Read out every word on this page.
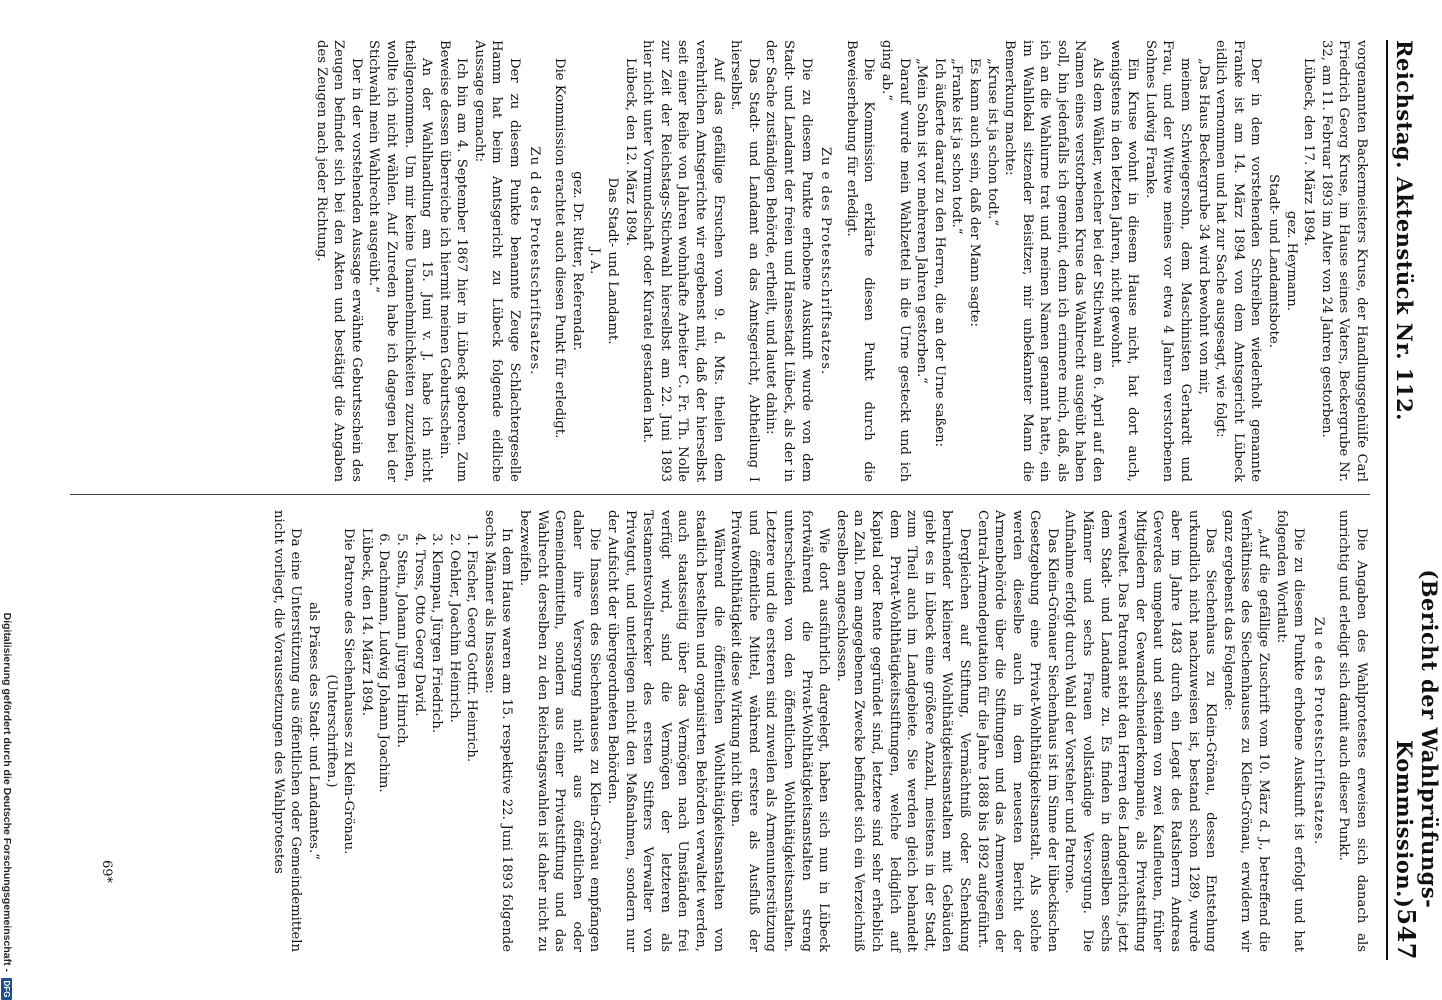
Reichstag. Aktenstück Nr. 112.
(Bericht der Wahlprüfungs-Kommission.)
547

vorgenannten Backermeisters Kruse, der Handlungsgehülfe Carl Friedrich Georg Kruse, im Hause seines Vaters, Beckergrube Nr. 32, am 11. Februar 1893 im Alter von 24 Jahren gestorben.

Lübeck, den 17. März 1894.

gez. Heymann.

Stadt- und Landamtsbote.

Der in dem vorstehenden Schreiben wiederholt genannte Franke ist am 14. März 1894 von dem Amtsgericht Lübeck eidlich vernommen und hat zur Sache ausgesagt, wie folgt:

„Das Haus Beckergrube 34 wird bewohnt von mir,

meinem Schwiegersohn, dem Maschinisten Gerhardt und Frau, und der Wittwe meines vor etwa 4 Jahren verstorbenen Sohnes Ludwig Franke.

Ein Kruse wohnt in diesem Hause nicht, hat dort auch, wenigstens in den letzten Jahren, nicht gewohnt.

Als dem Wähler, welcher bei der Stichwahl am 6. April auf den Namen eines verstorbenen Kruse das Wahlrecht ausgeübt haben soll, bin jedenfalls ich gemeint, denn ich erinnere mich, daß, als ich an die Wahlurne trat und meinen Namen genannt hatte, ein im Wahllokal sitzender Beisitzer, mir unbekannter Mann die Bemerkung machte:

„Kruse ist ja schon todt.“

Es kann auch sein, daß der Mann sagte:

„Franke ist ja schon todt.“

Ich äußerte darauf zu den Herren, die an der Urne saßen:

„Mein Sohn ist vor mehreren Jahren gestorben.“

Darauf wurde mein Wahlzettel in die Urne gesteckt und ich ging ab.“

Die Kommission erklärte diesen Punkt durch die Beweiserhebung für erledigt.

Zu e des Protestschriftsatzes.

Die zu diesem Punkte erhobene Auskunft wurde von dem Stadt- und Landamt der freien und Hansestadt Lübeck, als der in der Sache zuständigen Behörde, ertheilt, und lautet dahin:

Das Stadt- und Landamt an das Amtsgericht, Abtheilung I hierselbst.

Auf das gefällige Ersuchen vom 9. d. Mts. theilen dem verehrlichen Amtsgerichte wir ergebenst mit, daß der hierselbst seit einer Reihe von Jahren wohnhafte Arbeiter C. Fr. Th. Nolle zur Zeit der Reichstags-Stichwahl hierselbst am 22. Juni 1893 hier nicht unter Vormundschaft oder Kuratel gestanden hat.

Lübeck, den 12. März 1894.

Das Stadt- und Landamt.

J. A.

gez. Dr. Ritter, Referendar.

Die Kommission erachtet auch diesen Punkt für erledigt.

Zu d des Protestschriftsatzes.

Der zu diesem Punkte benannte Zeuge Schlachtergeselle Hamm hat beim Amtsgericht zu Lübeck folgende eidliche Aussage gemacht:

Ich bin am 4. September 1867 hier in Lübeck geboren. Zum Beweise dessen überreiche ich hiermit meinen Geburtsschein.

An der Wahlhandlung am 15. Juni v. J. habe ich nicht theilgenommen. Um mir keine Unannehmlichkeiten zuzuziehen, wollte ich nicht wählen. Auf Zureden habe ich dagegen bei der Stichwahl mein Wahlrecht ausgeübt.“

Der in der vorstehenden Aussage erwähnte Geburtsschein des Zeugen befindet sich bei den Akten und bestätigt die Angaben des Zeugen nach jeder Richtung.

Die Angaben des Wahlprotestes erweisen sich danach als unrichtig und erledigt sich damit auch dieser Punkt.

Zu e des Protestschriftsatzes.

Die zu diesem Punkte erhobene Auskunft ist erfolgt und hat folgenden Wortlaut:

„Auf die gefällige Zuschrift vom 10. März d. J., betreffend die Verhältnisse des Siechenhauses zu Klein-Grönau, erwidern wir ganz ergebenst das Folgende:

Das Siechenhaus zu Klein-Grönau, dessen Entstehung urkundlich nicht nachzuweisen ist, bestand schon 1289, wurde aber im Jahre 1483 durch ein Legat des Ratsherrn Andreas Geverdes umgebaut und seitdem von zwei Kaufleuten, früher Mitgliedern der Gewandschneiderkompanie, als Privatstiftung verwaltet. Das Patronat steht den Herren des Landgerichts, jetzt dem Stadt- und Landamte zu. Es finden in demselben sechs Männer und sechs Frauen vollständige Versorgung. Die Aufnahme erfolgt durch Wahl der Vorsteher und Patrone.

Das Klein-Grönauer Siechenhaus ist im Sinne der lübeckischen Gesetzgebung eine Privat-Wohlthätigkeitsanstalt. Als solche werden dieselbe auch in dem neuesten Bericht der Armenbehörde über die Stiftungen und das Armenwesen der Central-Armendeputation für die Jahre 1888 bis 1892 aufgeführt.

Dergleichen auf Stiftung, Vermächtniß oder Schenkung beruhender kleinerer Wohlthätigkeitsanstalten mit Gebäuden giebt es in Lübeck eine größere Anzahl, meistens in der Stadt, zum Theil auch im Landgebiete. Sie werden gleich behandelt dem Privat-Wohlthätigkeitsstiftungen, welche lediglich auf Kapital oder Rente gegründet sind, letztere sind sehr erheblich an Zahl. Dem angegebenen Zwecke befindet sich ein Verzeichniß derselben angeschlossen.

Wie dort ausführlich dargelegt, haben sich nun in Lübeck fortwährend die Privat-Wohlthätigkeitsanstalten streng unterscheiden von den öffentlichen Wohlthätigkeitsanstalten. Letztere und die ersteren sind zuweilen als Armenunterstützung und öffentliche Mittel, während erstere als Ausfluß der Privatwohlthätigkeit diese Wirkung nicht üben.

Während die öffentlichen Wohlthätigkeitsanstalten von staatlich bestellten und organisirten Behörden verwaltet werden, auch staatsseitig über das Vermögen nach Umständen frei verfügt wird, sind die Vermögen der letzteren als Testamentsvollstrecker des ersten Stifters Verwalter von Privatgut, und unterliegen nicht den Maßnahmen, sondern nur der Aufsicht der übergeordneten Behörden.

Die Insassen des Siechenhauses zu Klein-Grönau empfangen daher ihre Versorgung nicht aus öffentlichen oder Gemeindemitteln, sondern aus einer Privatstiftung und das Wahlrecht derselben zu den Reichstagswahlen ist daher nicht zu bezweifeln.

In dem Hause waren am 15. respektive 22. Juni 1893 folgende sechs Männer als Insassen:

1. Fischer, Georg Gottfr. Heinrich.
2. Oehler, Joachim Heinrich.
3. Klempau, Jürgen Friedrich.
4. Tross, Otto Georg David.
5. Stein, Johann Jürgen Hinrich.
6. Dachmann, Ludwig Johann Joachim.

Lübeck, den 14. März 1894.

Die Patrone des Siechenhauses zu Klein-Grönau.

(Unterschriften.)

als Präses des Stadt- und Landamtes.“

Da eine Unterstützung aus öffentlichen oder Gemeindemitteln nicht vorliegt, die Voraussetzungen des Wahlprotestes

69*
Digitalisierung gefördert durch die Deutsche Forschungsgemeinschaft -
DFG
